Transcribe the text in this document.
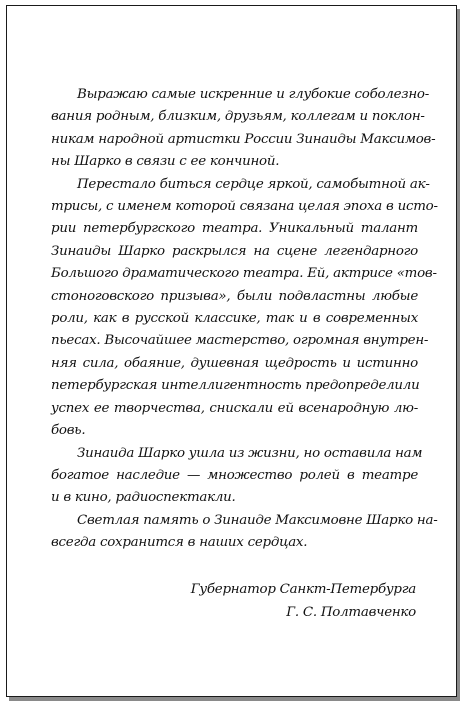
Выражаю самые искренние и глубокие соболезно-
вания родным, близким, друзьям, коллегам и поклон-
никам народной артистки России Зинаиды Максимов-
ны Шарко в связи с ее кончиной.
Перестало биться сердце яркой, самобытной ак-
трисы, с именем которой связана целая эпоха в исто-
рии петербургского театра. Уникальный талант
Зинаиды Шарко раскрылся на сцене легендарного
Большого драматического театра. Ей, актрисе «тов-
стоноговского призыва», были подвластны любые
роли, как в русской классике, так и в современных
пьесах. Высочайшее мастерство, огромная внутрен-
няя сила, обаяние, душевная щедрость и истинно
петербургская интеллигентность предопределили
успех ее творчества, снискали ей всенародную лю-
бовь.
Зинаида Шарко ушла из жизни, но оставила нам
богатое наследие — множество ролей в театре
и в кино, радиоспектакли.
Светлая память о Зинаиде Максимовне Шарко на-
всегда сохранится в наших сердцах.
Губернатор Санкт-Петербурга
Г. С. Полтавченко
